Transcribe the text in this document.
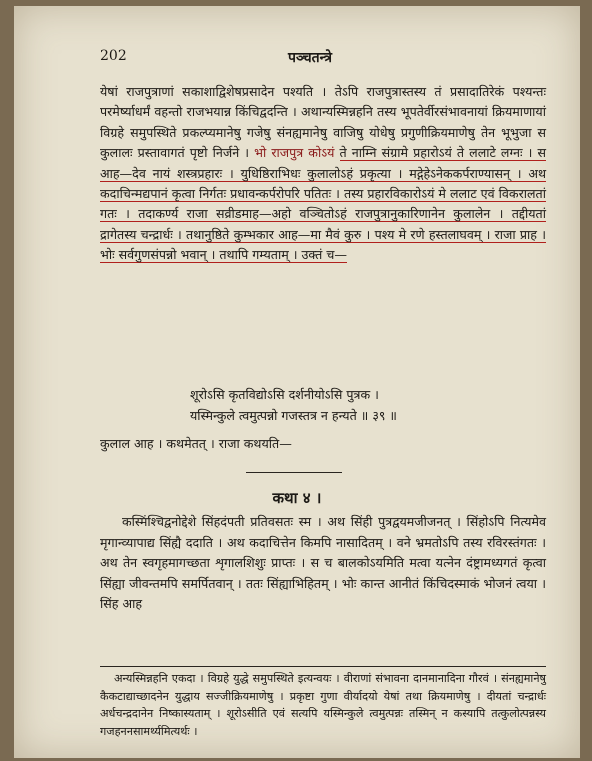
202	पञ्चतन्त्रे

येषां राजपुत्राणां सकाशाद्विशेषप्रसादेन पश्यति । तेऽपि राजपुत्रास्तस्य तं प्रसादातिरेकं पश्यन्तः परमेर्ष्याधर्मं वहन्तो राजभयान्न किंचिद्वदन्ति । अथान्यस्मिन्नहनि तस्य भूपतेर्वीरसंभावनायां क्रियमाणायां विग्रहे समुपस्थिते प्रकल्प्यमानेषु गजेषु संनह्यमानेषु वाजिषु योधेषु प्रगुणीक्रियमाणेषु तेन भूभुजा स कुलालः प्रस्तावागतं पृष्टो निर्जने । भो राजपुत्र कोऽयं ते नाम्नि संग्रामे प्रहारोऽयं ते ललाटे लग्नः । स आह—देव नायं शस्त्रप्रहारः । युधिष्ठिराभिधः कुलालोऽहं प्रकृत्या । मद्गेहेऽनेककर्पराण्यासन् । अथ कदाचिन्मद्यपानं कृत्वा निर्गतः प्रधावन्कर्परोपरि पतितः । तस्य प्रहारविकारोऽयं मे ललाट एवं विकरालतां गतः । तदाकर्ण्य राजा सव्रीडमाह—अहो वञ्चितोऽहं राजपुत्रानुकारिणानेन कुलालेन । तद्दीयतां द्रागेतस्य चन्द्रार्धः । तथानुष्ठिते कुम्भकार आह—मा मैवं कुरु । पश्य मे रणे हस्तलाघवम् । राजा प्राह । भोः सर्वगुणसंपन्नो भवान् । तथापि गम्यताम् । उक्तं च—

शूरोऽसि कृतविद्योऽसि दर्शनीयोऽसि पुत्रक ।
यस्मिन्कुले त्वमुत्पन्नो गजस्तत्र न हन्यते ॥ ३९ ॥
कुलाल आह । कथमेतत् । राजा कथयति—
कथा ४ ।

कस्मिंश्चिद्वनोद्देशे सिंहदंपती प्रतिवसतः स्म । अथ सिंही पुत्रद्वयमजीजनत् । सिंहोऽपि नित्यमेव मृगान्व्यापाद्य सिंह्यै ददाति । अथ कदाचित्तेन किमपि नासादितम् । वने भ्रमतोऽपि तस्य रविरस्तंगतः । अथ तेन स्वगृहमागच्छता शृगालशिशुः प्राप्तः । स च बालकोऽयमिति मत्वा यत्नेन दंष्ट्रामध्यगतं कृत्वा सिंह्या जीवन्तमपि समर्पितवान् । ततः सिंह्याभिहितम् । भोः कान्त आनीतं किंचिदस्माकं भोजनं त्वया । सिंह आह

अन्यस्मिन्नहनि एकदा । विग्रहे युद्धे समुपस्थिते इत्यन्वयः । वीराणां संभावना दानमानादिना गौरवं । संनह्यमानेषु कैकटाद्याच्छादनेन युद्धाय सज्जीक्रियमाणेषु । प्रकृष्टा गुणा वीर्यादयो येषां तथा क्रियमाणेषु । दीयतां चन्द्रार्धः अर्धचन्द्रदानेन निष्कास्यताम् । शूरोऽसीति एवं सत्यपि यस्मिन्कुले त्वमुत्पन्नः तस्मिन् न कस्यापि तत्कुलोत्पन्नस्य गजहननसामर्थ्यमित्यर्थः ।
